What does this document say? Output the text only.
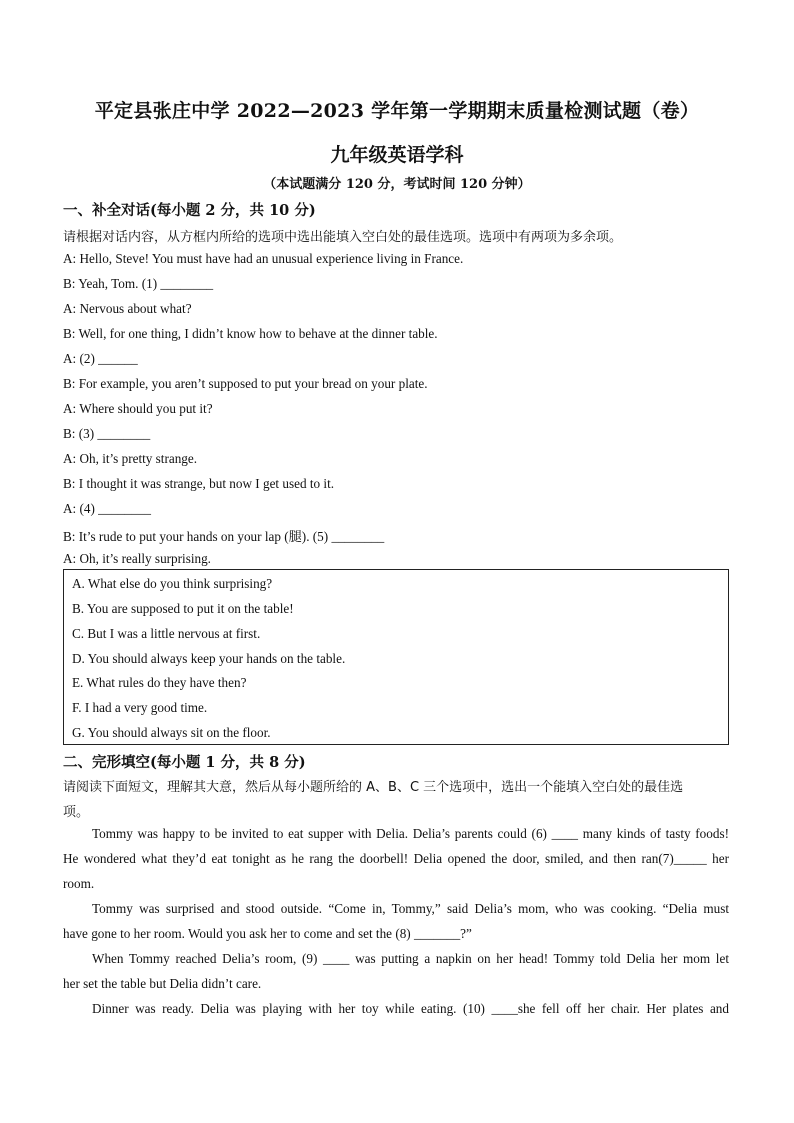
平定县张庄中学 2022—2023 学年第一学期期末质量检测试题（卷）
九年级英语学科
（本试题满分 120 分，考试时间 120 分钟）
一、补全对话(每小题 2 分，共 10 分)
请根据对话内容，从方框内所给的选项中选出能填入空白处的最佳选项。选项中有两项为多余项。
A: Hello, Steve! You must have had an unusual experience living in France.
B: Yeah, Tom. (1) ________
A: Nervous about what?
B: Well, for one thing, I didn’t know how to behave at the dinner table.
A: (2) ______
B: For example, you aren’t supposed to put your bread on your plate.
A: Where should you put it?
B: (3) ________
A: Oh, it’s pretty strange.
B: I thought it was strange, but now I get used to it.
A: (4) ________
B: It’s rude to put your hands on your lap (腿). (5) ________
A: Oh, it’s really surprising.
A. What else do you think surprising?
B. You are supposed to put it on the table!
C. But I was a little nervous at first.
D. You should always keep your hands on the table.
E. What rules do they have then?
F. I had a very good time.
G. You should always sit on the floor.
二、完形填空(每小题 1 分，共 8 分)
请阅读下面短文，理解其大意，然后从每小题所给的 A、B、C 三个选项中，选出一个能填入空白处的最佳选
项。
Tommy was happy to be invited to eat supper with Delia. Delia’s parents could (6) ____ many kinds of tasty foods!
He wondered what they’d eat tonight as he rang the doorbell! Delia opened the door, smiled, and then ran(7)_____ her
room.
Tommy was surprised and stood outside. “Come in, Tommy,” said Delia’s mom, who was cooking. “Delia must
have gone to her room. Would you ask her to come and set the (8) _______?”
When Tommy reached Delia’s room, (9) ____ was putting a napkin on her head! Tommy told Delia her mom let
her set the table but Delia didn’t care.
Dinner was ready. Delia was playing with her toy while eating. (10) ____she fell off her chair. Her plates and
